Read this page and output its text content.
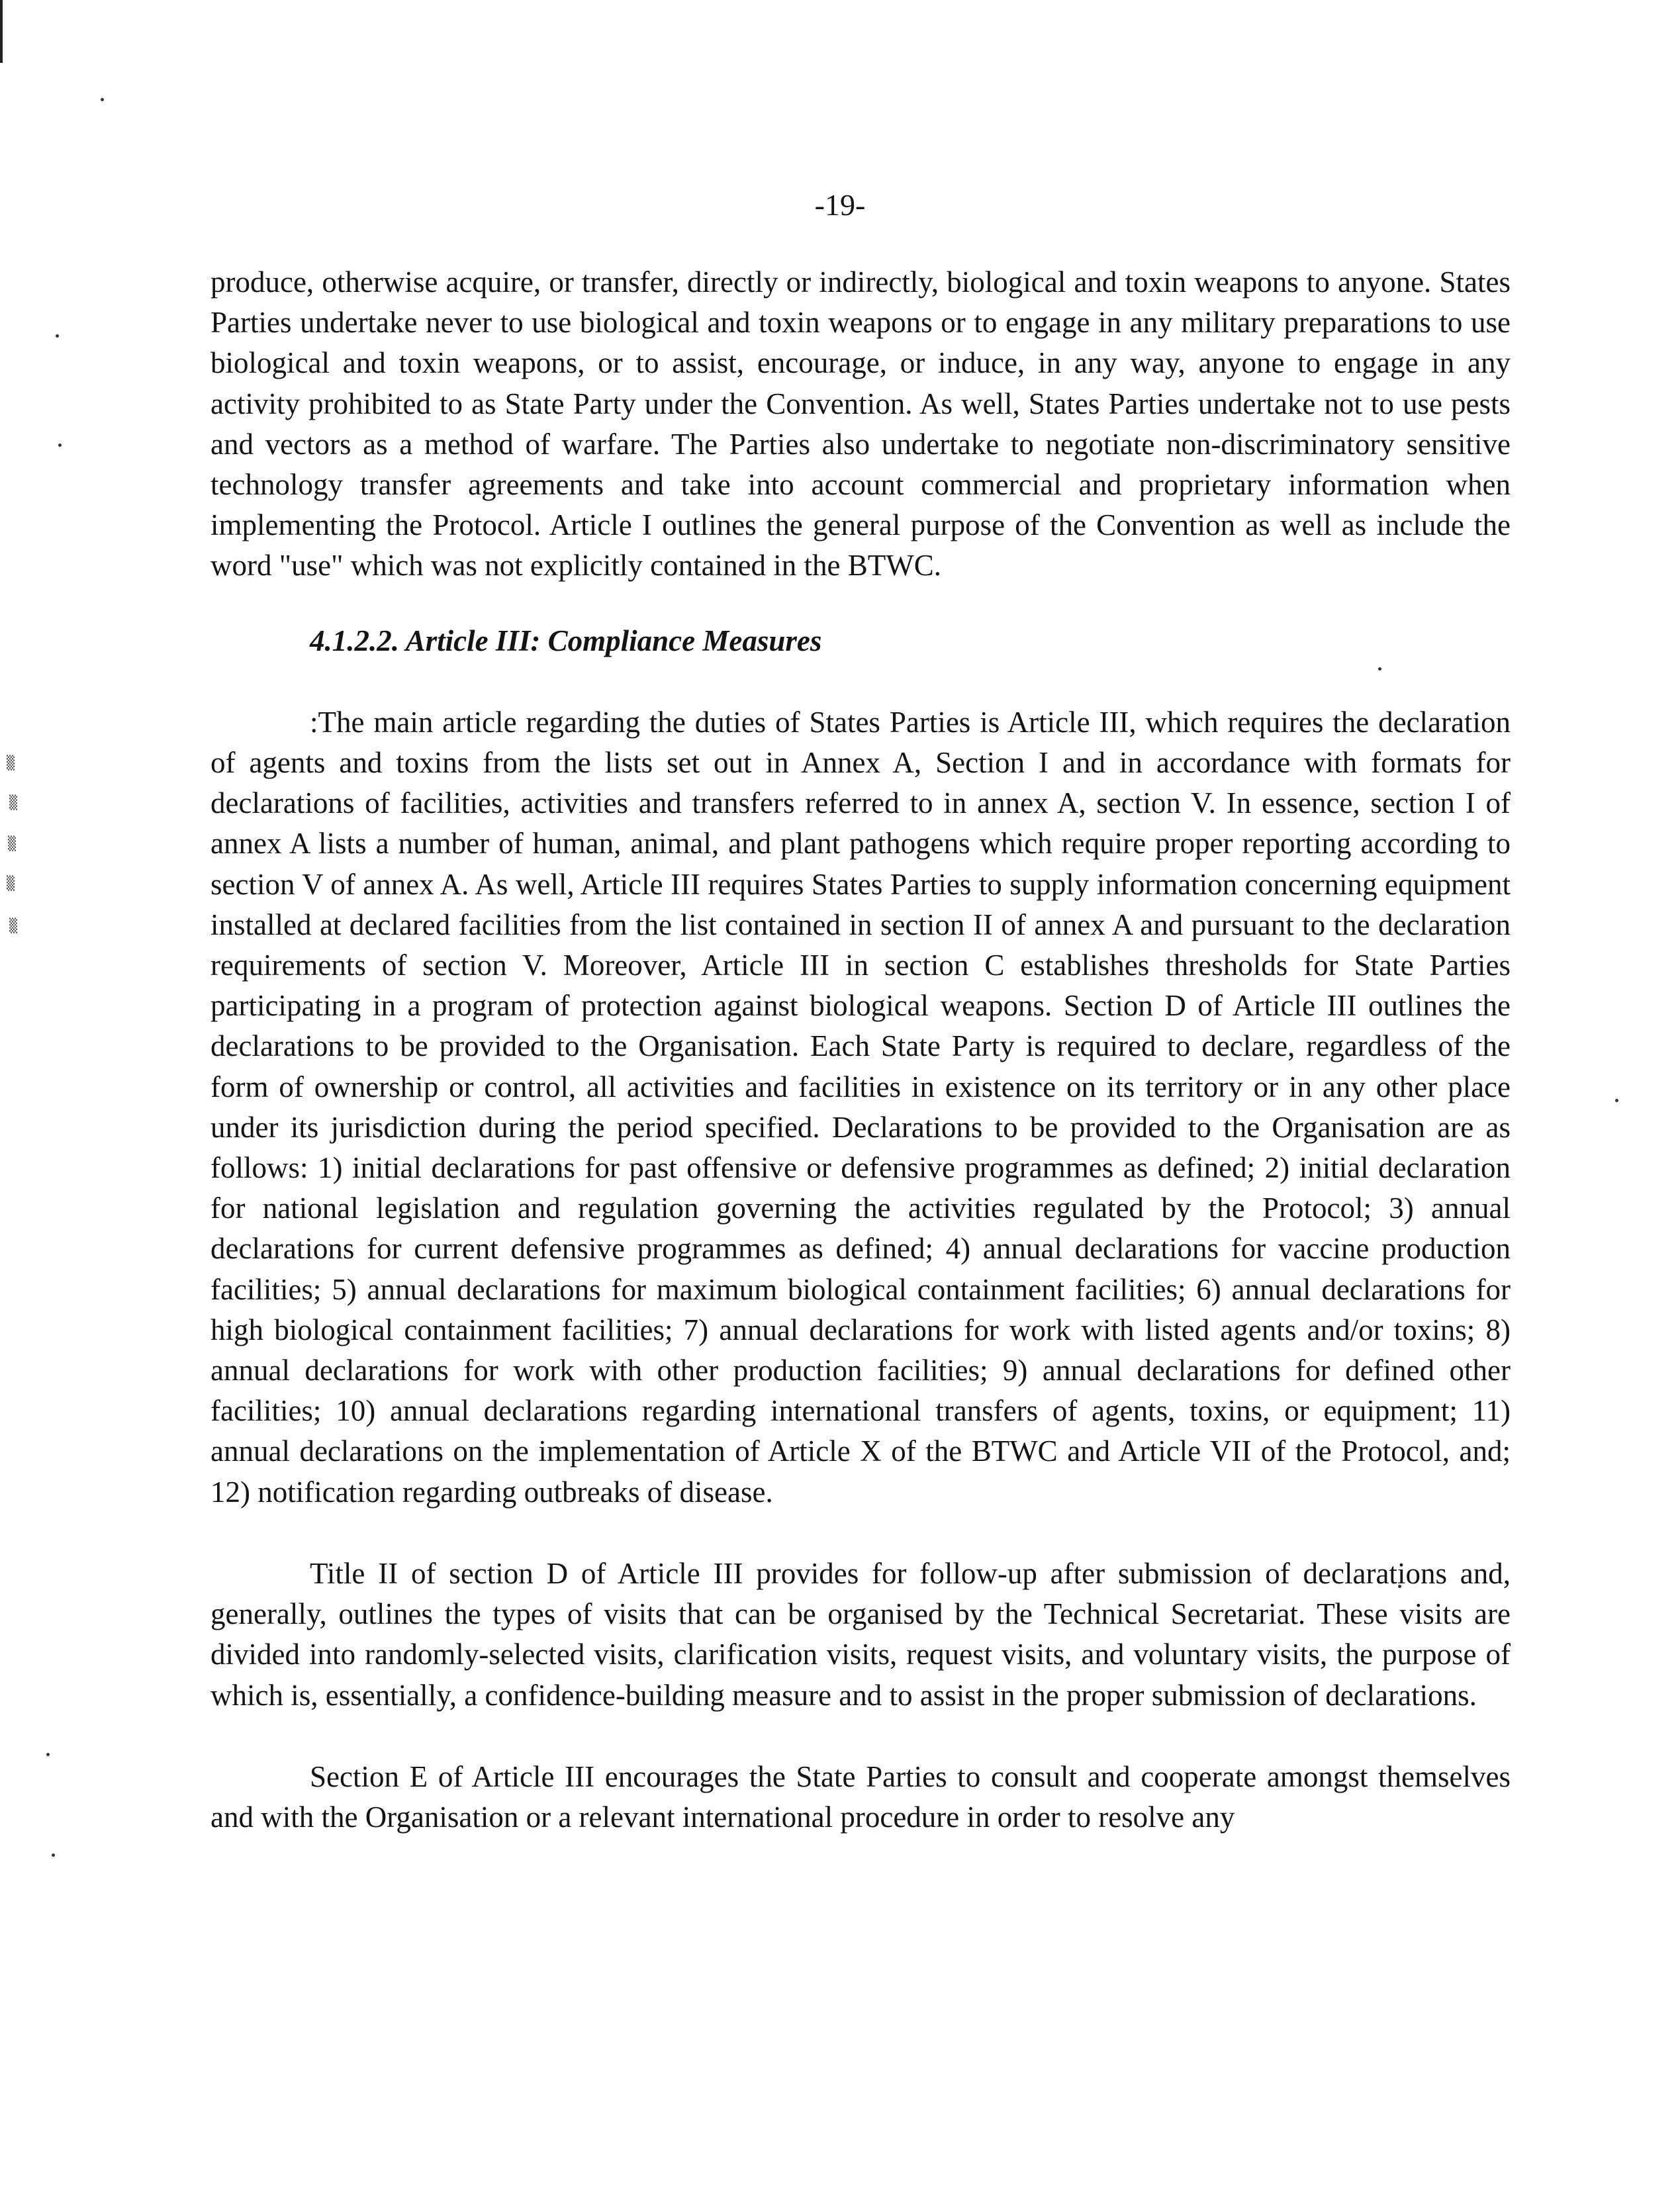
▒
▒
▒
▒
▒
-19-

produce, otherwise acquire, or transfer, directly or indirectly, biological and toxin weapons to anyone. States Parties undertake never to use biological and toxin weapons or to engage in any military preparations to use biological and toxin weapons, or to assist, encourage, or induce, in any way, anyone to engage in any activity prohibited to as State Party under the Convention. As well, States Parties undertake not to use pests and vectors as a method of warfare. The Parties also undertake to negotiate non-discriminatory sensitive technology transfer agreements and take into account commercial and proprietary information when implementing the Protocol. Article I outlines the general purpose of the Convention as well as include the word "use" which was not explicitly contained in the BTWC.

4.1.2.2. Article III: Compliance Measures

:The main article regarding the duties of States Parties is Article III, which requires the declaration of agents and toxins from the lists set out in Annex A, Section I and in accordance with formats for declarations of facilities, activities and transfers referred to in annex A, section V. In essence, section I of annex A lists a number of human, animal, and plant pathogens which require proper reporting according to section V of annex A. As well, Article III requires States Parties to supply information concerning equipment installed at declared facilities from the list contained in section II of annex A and pursuant to the declaration requirements of section V. Moreover, Article III in section C establishes thresholds for State Parties participating in a program of protection against biological weapons. Section D of Article III outlines the declarations to be provided to the Organisation. Each State Party is required to declare, regardless of the form of ownership or control, all activities and facilities in existence on its territory or in any other place under its jurisdiction during the period specified. Declarations to be provided to the Organisation are as follows: 1) initial declarations for past offensive or defensive programmes as defined; 2) initial declaration for national legislation and regulation governing the activities regulated by the Protocol; 3) annual declarations for current defensive programmes as defined; 4) annual declarations for vaccine production facilities; 5) annual declarations for maximum biological containment facilities; 6) annual declarations for high biological containment facilities; 7) annual declarations for work with listed agents and/or toxins; 8) annual declarations for work with other production facilities; 9) annual declarations for defined other facilities; 10) annual declarations regarding international transfers of agents, toxins, or equipment; 11) annual declarations on the implementation of Article X of the BTWC and Article VII of the Protocol, and; 12) notification regarding outbreaks of disease.

Title II of section D of Article III provides for follow-up after submission of declarations and, generally, outlines the types of visits that can be organised by the Technical Secretariat. These visits are divided into randomly-selected visits, clarification visits, request visits, and voluntary visits, the purpose of which is, essentially, a confidence-building measure and to assist in the proper submission of declarations.

Section E of Article III encourages the State Parties to consult and cooperate amongst themselves and with the Organisation or a relevant international procedure in order to resolve any
